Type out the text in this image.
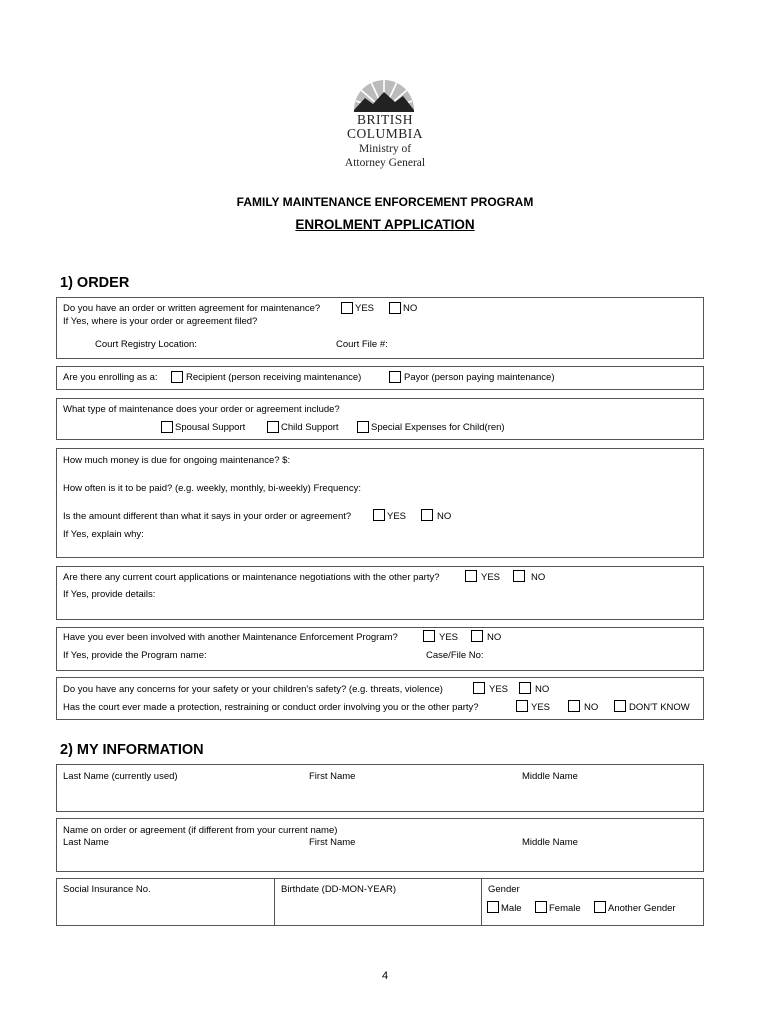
BRITISH
COLUMBIA
Ministry of
Attorney General
FAMILY MAINTENANCE ENFORCEMENT PROGRAM
ENROLMENT APPLICATION
1) ORDER
Do you have an order or written agreement for maintenance?	YES	NO
If Yes, where is your order or agreement filed?
Court Registry Location:	Court File #:
Are you enrolling as a:	Recipient (person receiving maintenance)	Payor (person paying maintenance)
What type of maintenance does your order or agreement include?
Spousal Support	Child Support	Special Expenses for Child(ren)
How much money is due for ongoing maintenance? $:
How often is it to be paid? (e.g. weekly, monthly, bi-weekly) Frequency:
Is the amount different than what it says in your order or agreement?	YES	NO
If Yes, explain why:
Are there any current court applications or maintenance negotiations with the other party?	YES	NO
If Yes, provide details:
Have you ever been involved with another Maintenance Enforcement Program?	YES	NO
If Yes, provide the Program name:	Case/File No:
Do you have any concerns for your safety or your children's safety? (e.g. threats, violence)	YES	NO
Has the court ever made a protection, restraining or conduct order involving you or the other party?	YES	NO	DON'T KNOW
2) MY INFORMATION
Last Name (currently used)	First Name	Middle Name
Name on order or agreement (if different from your current name)
Last Name	First Name	Middle Name
Social Insurance No.	Birthdate (DD-MON-YEAR)	Gender
Male	Female	Another Gender
4
